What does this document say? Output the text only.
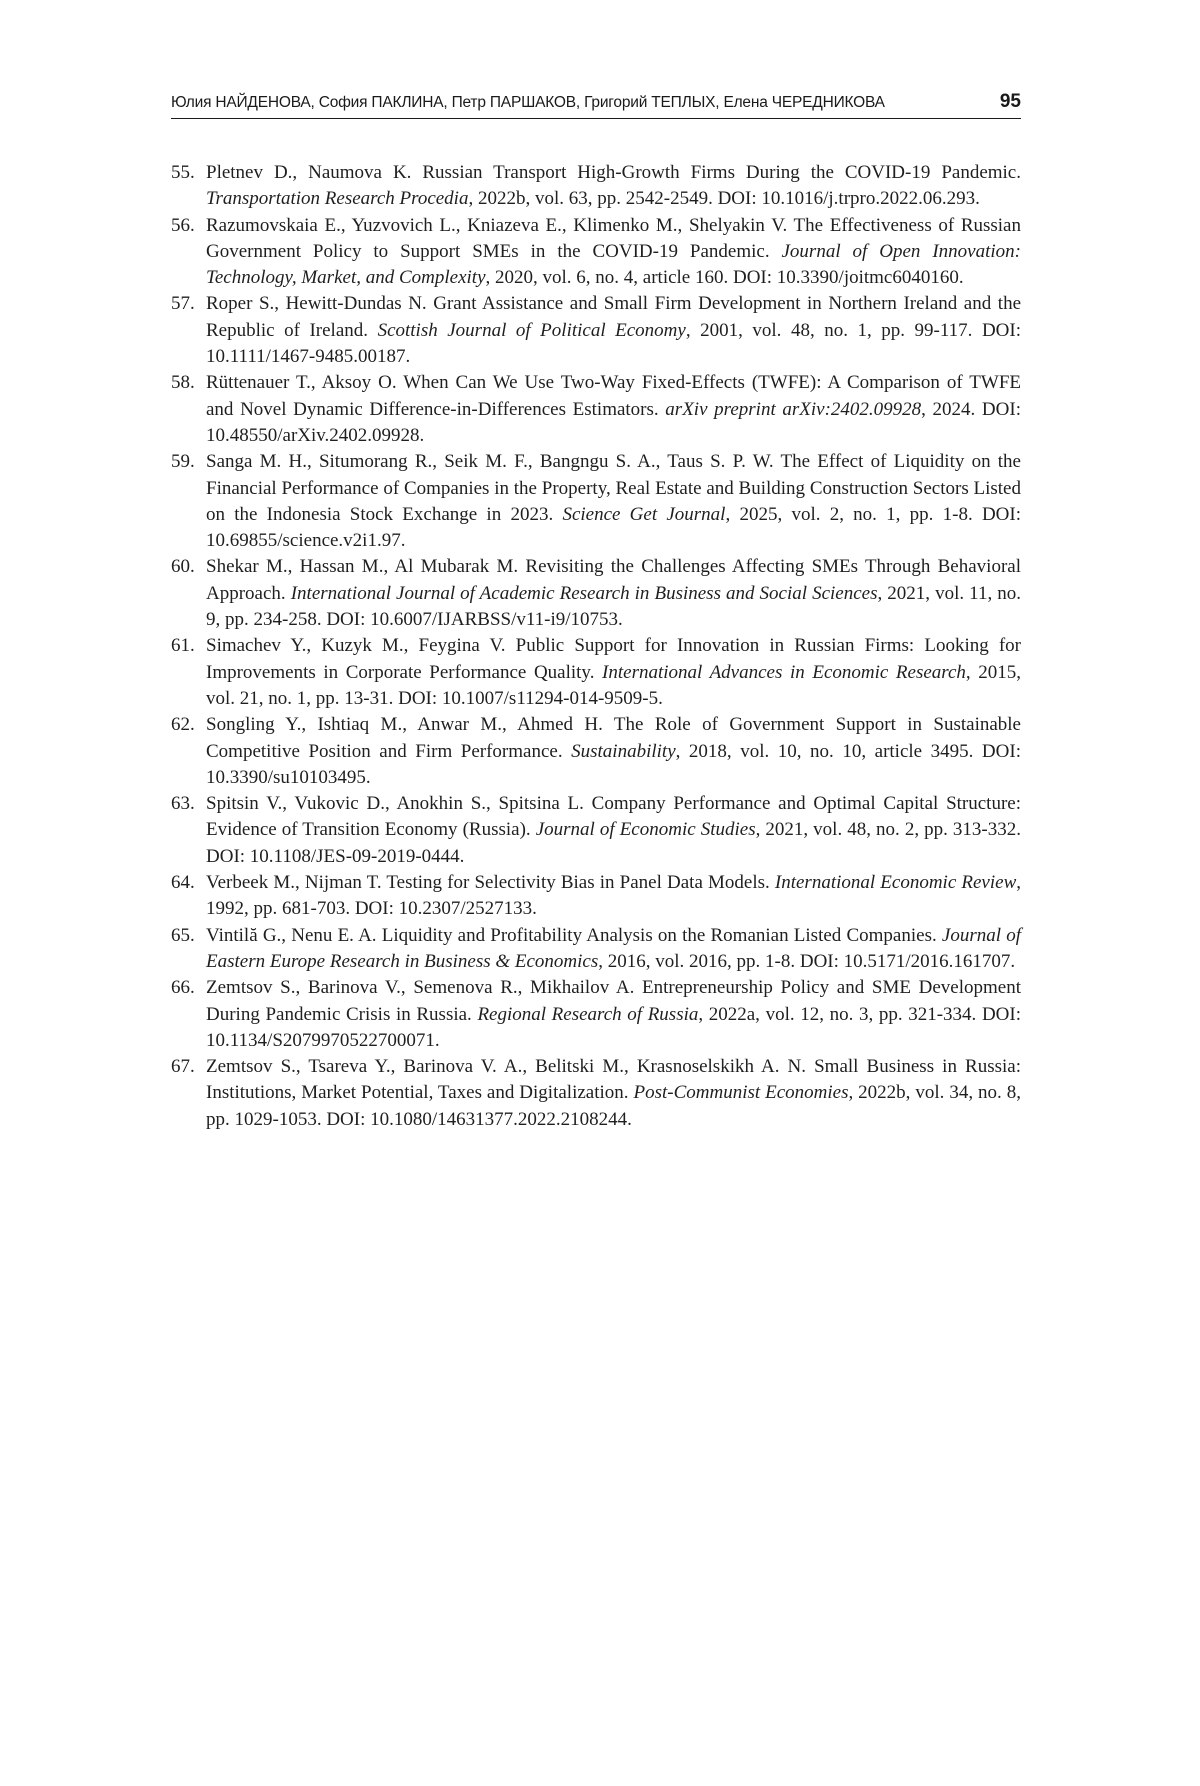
Юлия НАЙДЕНОВА, София ПАКЛИНА, Петр ПАРШАКОВ, Григорий ТЕПЛЫХ, Елена ЧЕРЕДНИКОВА	95
55. Pletnev D., Naumova K. Russian Transport High-Growth Firms During the COVID-19 Pandemic. Transportation Research Procedia, 2022b, vol. 63, pp. 2542-2549. DOI: 10.1016/j.trpro.2022.06.293.
56. Razumovskaia E., Yuzvovich L., Kniazeva E., Klimenko M., Shelyakin V. The Effectiveness of Russian Government Policy to Support SMEs in the COVID-19 Pandemic. Journal of Open Innovation: Technology, Market, and Complexity, 2020, vol. 6, no. 4, article 160. DOI: 10.3390/joitmc6040160.
57. Roper S., Hewitt-Dundas N. Grant Assistance and Small Firm Development in Northern Ireland and the Republic of Ireland. Scottish Journal of Political Economy, 2001, vol. 48, no. 1, pp. 99-117. DOI: 10.1111/1467-9485.00187.
58. Rüttenauer T., Aksoy O. When Can We Use Two-Way Fixed-Effects (TWFE): A Comparison of TWFE and Novel Dynamic Difference-in-Differences Estimators. arXiv preprint arXiv:2402.09928, 2024. DOI: 10.48550/arXiv.2402.09928.
59. Sanga M. H., Situmorang R., Seik M. F., Bangngu S. A., Taus S. P. W. The Effect of Liquidity on the Financial Performance of Companies in the Property, Real Estate and Building Construction Sectors Listed on the Indonesia Stock Exchange in 2023. Science Get Journal, 2025, vol. 2, no. 1, pp. 1-8. DOI: 10.69855/science.v2i1.97.
60. Shekar M., Hassan M., Al Mubarak M. Revisiting the Challenges Affecting SMEs Through Behavioral Approach. International Journal of Academic Research in Business and Social Sciences, 2021, vol. 11, no. 9, pp. 234-258. DOI: 10.6007/IJARBSS/v11-i9/10753.
61. Simachev Y., Kuzyk M., Feygina V. Public Support for Innovation in Russian Firms: Looking for Improvements in Corporate Performance Quality. International Advances in Economic Research, 2015, vol. 21, no. 1, pp. 13-31. DOI: 10.1007/s11294-014-9509-5.
62. Songling Y., Ishtiaq M., Anwar M., Ahmed H. The Role of Government Support in Sustainable Competitive Position and Firm Performance. Sustainability, 2018, vol. 10, no. 10, article 3495. DOI: 10.3390/su10103495.
63. Spitsin V., Vukovic D., Anokhin S., Spitsina L. Company Performance and Optimal Capital Structure: Evidence of Transition Economy (Russia). Journal of Economic Studies, 2021, vol. 48, no. 2, pp. 313-332. DOI: 10.1108/JES-09-2019-0444.
64. Verbeek M., Nijman T. Testing for Selectivity Bias in Panel Data Models. International Economic Review, 1992, pp. 681-703. DOI: 10.2307/2527133.
65. Vintilă G., Nenu E. A. Liquidity and Profitability Analysis on the Romanian Listed Companies. Journal of Eastern Europe Research in Business & Economics, 2016, vol. 2016, pp. 1-8. DOI: 10.5171/2016.161707.
66. Zemtsov S., Barinova V., Semenova R., Mikhailov A. Entrepreneurship Policy and SME Development During Pandemic Crisis in Russia. Regional Research of Russia, 2022a, vol. 12, no. 3, pp. 321-334. DOI: 10.1134/S2079970522700071.
67. Zemtsov S., Tsareva Y., Barinova V. A., Belitski M., Krasnoselskikh A. N. Small Business in Russia: Institutions, Market Potential, Taxes and Digitalization. Post-Communist Economies, 2022b, vol. 34, no. 8, pp. 1029-1053. DOI: 10.1080/14631377.2022.2108244.
